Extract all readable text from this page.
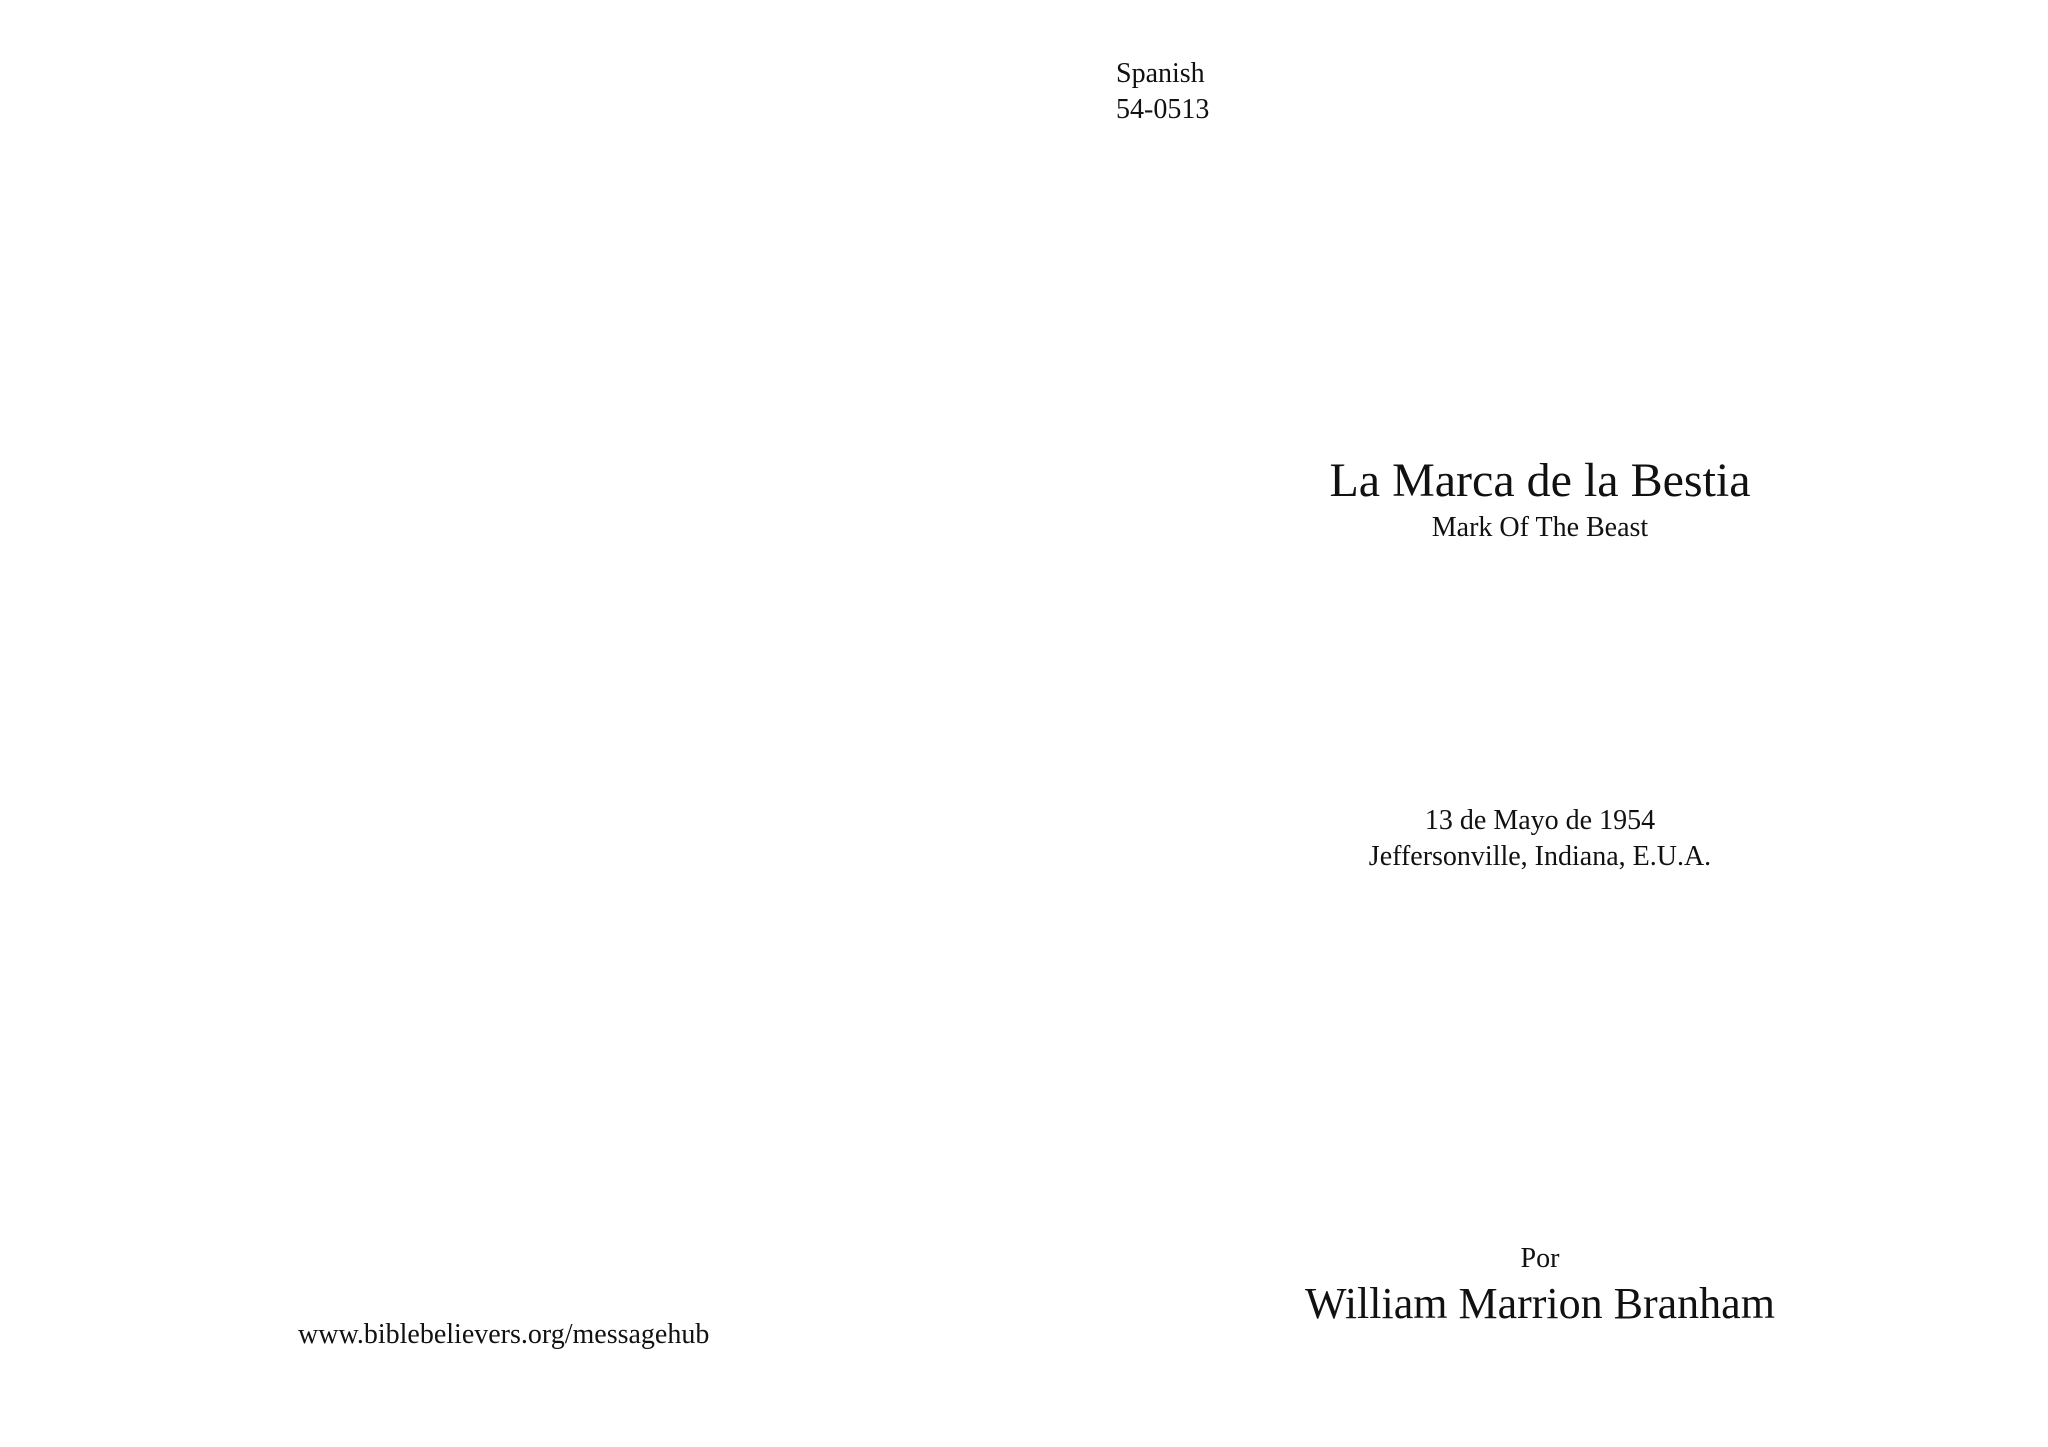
Spanish
54-0513
La Marca de la Bestia
Mark Of The Beast
13 de Mayo de 1954
Jeffersonville, Indiana, E.U.A.
Por
William Marrion Branham
www.biblebelievers.org/messagehub
